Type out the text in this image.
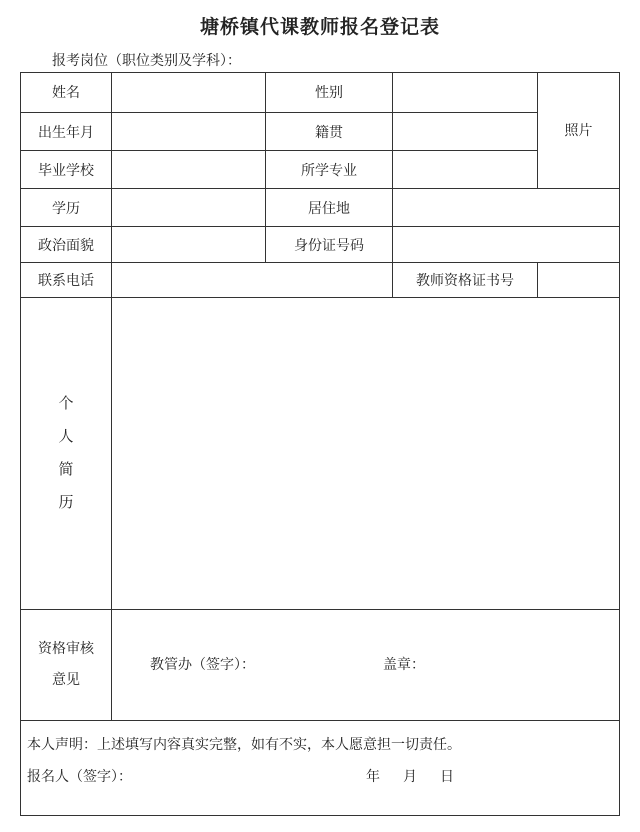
塘桥镇代课教师报名登记表
报考岗位（职位类别及学科）：
姓名	性别
照片
出生年月	籍贯
毕业学校	所学专业
学历	居住地
政治面貌	身份证号码
联系电话	教师资格证书号
个
人
简
历
资格审核
意见
教管办（签字）：	盖章：
本人声明：上述填写内容真实完整，如有不实，本人愿意担一切责任。
报名人（签字）：	年 月 日
